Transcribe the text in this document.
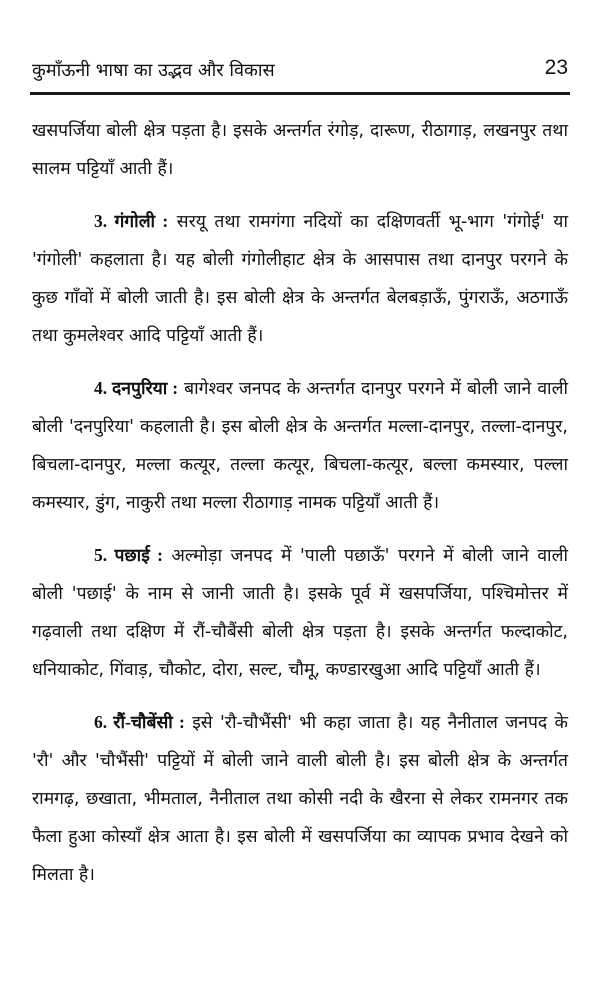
कुमाँऊनी भाषा का उद्भव और विकास	23

खसपर्जिया बोली क्षेत्र पड़ता है। इसके अन्तर्गत रंगोड़, दारूण, रीठागाड़, लखनपुर तथा सालम पट्टियाँ आती हैं।

3. गंगोली : सरयू तथा रामगंगा नदियों का दक्षिणवर्ती भू-भाग 'गंगोई' या 'गंगोली' कहलाता है। यह बोली गंगोलीहाट क्षेत्र के आसपास तथा दानपुर परगने के कुछ गाँवों में बोली जाती है। इस बोली क्षेत्र के अन्तर्गत बेलबड़ाऊँ, पुंगराऊँ, अठगाऊँ तथा कुमलेश्वर आदि पट्टियाँ आती हैं।

4. दनपुरिया : बागेश्वर जनपद के अन्तर्गत दानपुर परगने में बोली जाने वाली बोली 'दनपुरिया' कहलाती है। इस बोली क्षेत्र के अन्तर्गत मल्ला-दानपुर, तल्ला-दानपुर, बिचला-दानपुर, मल्ला कत्यूर, तल्ला कत्यूर, बिचला-कत्यूर, बल्ला कमस्यार, पल्ला कमस्यार, डुंग, नाकुरी तथा मल्ला रीठागाड़ नामक पट्टियाँ आती हैं।

5. पछाई : अल्मोड़ा जनपद में 'पाली पछाऊँ' परगने में बोली जाने वाली बोली 'पछाई' के नाम से जानी जाती है। इसके पूर्व में खसपर्जिया, पश्चिमोत्तर में गढ़वाली तथा दक्षिण में रौं-चौबैंसी बोली क्षेत्र पड़ता है। इसके अन्तर्गत फल्दाकोट, धनियाकोट, गिंवाड़, चौकोट, दोरा, सल्ट, चौमू, कण्डारखुआ आदि पट्टियाँ आती हैं।

6. रौं-चौबेंसी : इसे 'रौ-चौभैंसी' भी कहा जाता है। यह नैनीताल जनपद के 'रौ' और 'चौभैंसी' पट्टियों में बोली जाने वाली बोली है। इस बोली क्षेत्र के अन्तर्गत रामगढ़, छखाता, भीमताल, नैनीताल तथा कोसी नदी के खैरना से लेकर रामनगर तक फैला हुआ कोस्याँ क्षेत्र आता है। इस बोली में खसपर्जिया का व्यापक प्रभाव देखने को मिलता है।
